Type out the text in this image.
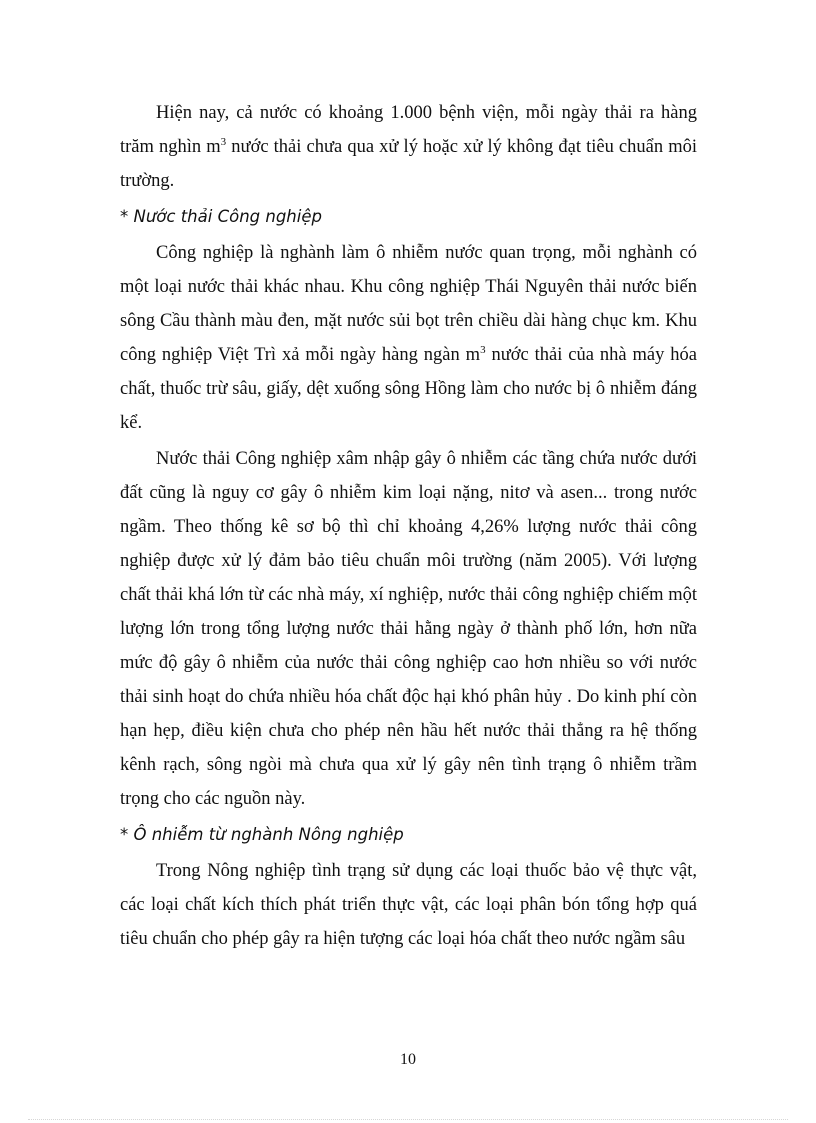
Hiện nay, cả nước có khoảng 1.000 bệnh viện, mỗi ngày thải ra hàng trăm nghìn $m^3$ nước thải chưa qua xử lý hoặc xử lý không đạt tiêu chuẩn môi trường.

* Nước thải Công nghiệp

Công nghiệp là nghành làm ô nhiễm nước quan trọng, mỗi nghành có một loại nước thải khác nhau. Khu công nghiệp Thái Nguyên thải nước biến sông Cầu thành màu đen, mặt nước sủi bọt trên chiều dài hàng chục km. Khu công nghiệp Việt Trì xả mỗi ngày hàng ngàn $m^3$ nước thải của nhà máy hóa chất, thuốc trừ sâu, giấy, dệt xuống sông Hồng làm cho nước bị ô nhiễm đáng kể.

Nước thải Công nghiệp xâm nhập gây ô nhiễm các tầng chứa nước dưới đất cũng là nguy cơ gây ô nhiễm kim loại nặng, nitơ và asen... trong nước ngầm. Theo thống kê sơ bộ thì chỉ khoảng 4,26% lượng nước thải công nghiệp được xử lý đảm bảo tiêu chuẩn môi trường (năm 2005). Với lượng chất thải khá lớn từ các nhà máy, xí nghiệp, nước thải công nghiệp chiếm một lượng lớn trong tổng lượng nước thải hằng ngày ở thành phố lớn, hơn nữa mức độ gây ô nhiễm của nước thải công nghiệp cao hơn nhiều so với nước thải sinh hoạt do chứa nhiều hóa chất độc hại khó phân hủy . Do kinh phí còn hạn hẹp, điều kiện chưa cho phép nên hầu hết nước thải thẳng ra hệ thống kênh rạch, sông ngòi mà chưa qua xử lý gây nên tình trạng ô nhiễm trầm trọng cho các nguồn này.

* Ô nhiễm từ nghành Nông nghiệp

Trong Nông nghiệp tình trạng sử dụng các loại thuốc bảo vệ thực vật, các loại chất kích thích phát triển thực vật, các loại phân bón tổng hợp quá tiêu chuẩn cho phép gây ra hiện tượng các loại hóa chất theo nước ngầm sâu

10
